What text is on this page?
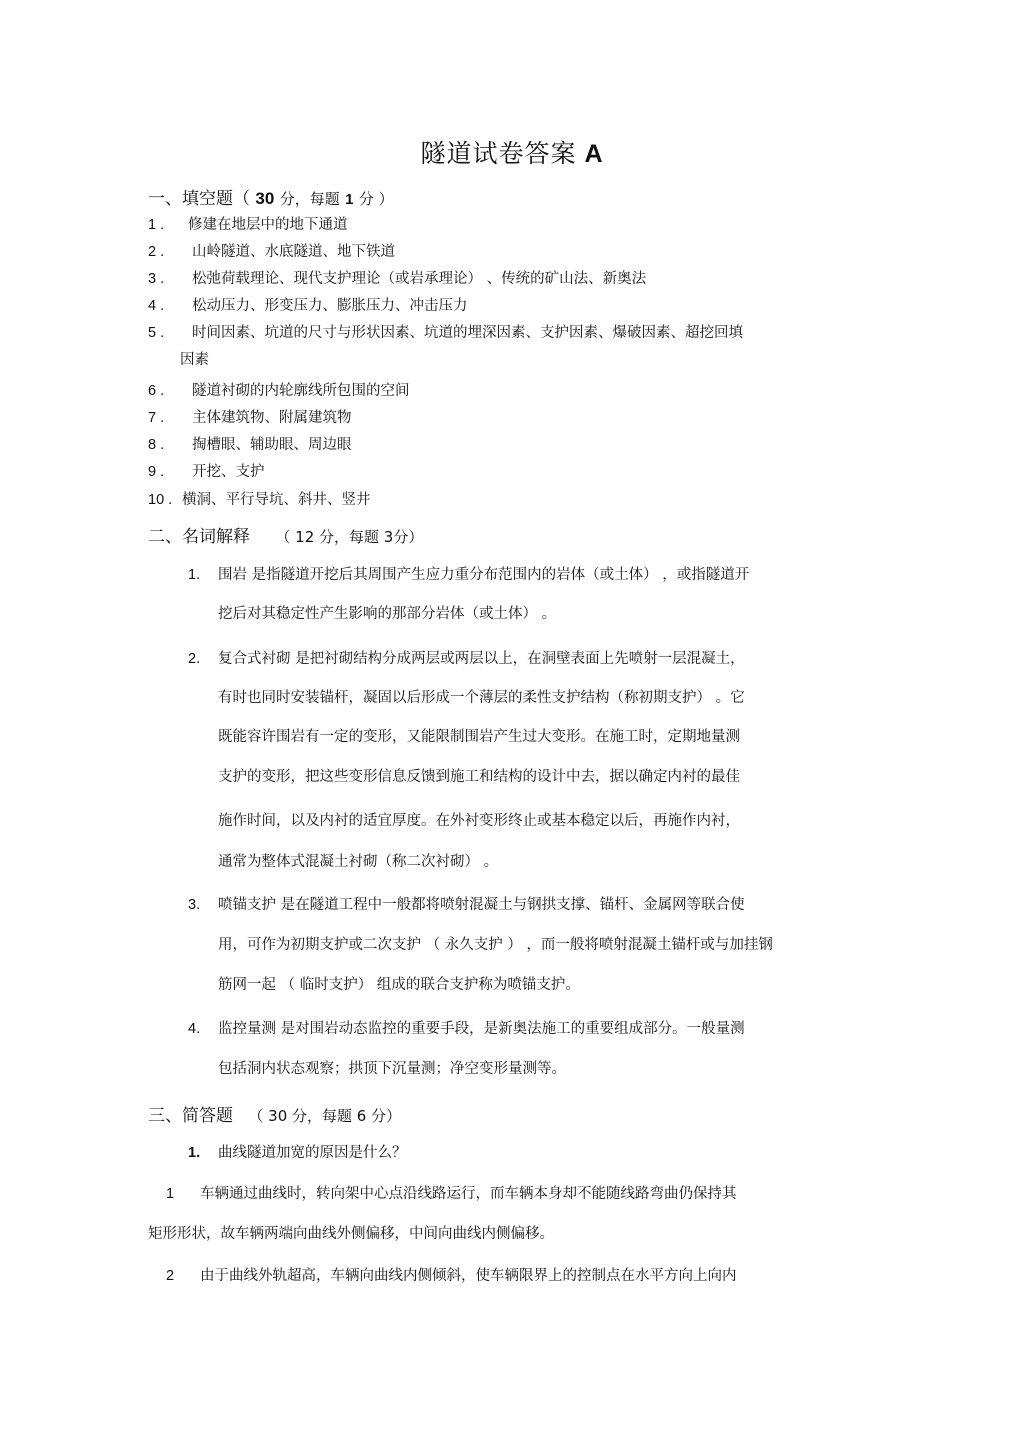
隧道试卷答案 A
一、填空题（ 30 分，每题 1 分 ）
1 . 修建在地层中的地下通道
2 . 山岭隧道、水底隧道、地下铁道
3 . 松弛荷载理论、现代支护理论（或岩承理论） 、传统的矿山法、新奥法
4 . 松动压力、形变压力、膨胀压力、冲击压力
5 . 时间因素、坑道的尺寸与形状因素、坑道的埋深因素、支护因素、爆破因素、超挖回填
因素
6 . 隧道衬砌的内轮廓线所包围的空间
7 . 主体建筑物、附属建筑物
8 . 掏槽眼、辅助眼、周边眼
9 . 开挖、支护
10 . 横洞、平行导坑、斜井、竖井
二、名词解释 （ 12 分，每题 3分）
1. 围岩 是指隧道开挖后其周围产生应力重分布范围内的岩体（或土体） ，或指隧道开
挖后对其稳定性产生影响的那部分岩体（或土体） 。
2. 复合式衬砌 是把衬砌结构分成两层或两层以上，在洞壁表面上先喷射一层混凝土，
有时也同时安装锚杆，凝固以后形成一个薄层的柔性支护结构（称初期支护） 。它
既能容许围岩有一定的变形，又能限制围岩产生过大变形。在施工时，定期地量测
支护的变形，把这些变形信息反馈到施工和结构的设计中去，据以确定内衬的最佳
施作时间，以及内衬的适宜厚度。在外衬变形终止或基本稳定以后，再施作内衬，
通常为整体式混凝土衬砌（称二次衬砌） 。
3. 喷锚支护 是在隧道工程中一般都将喷射混凝土与钢拱支撑、锚杆、金属网等联合使
用，可作为初期支护或二次支护 （ 永久支护 ） ，而一般将喷射混凝土锚杆或与加挂钢
筋网一起 （ 临时支护） 组成的联合支护称为喷锚支护。
4. 监控量测 是对围岩动态监控的重要手段，是新奥法施工的重要组成部分。一般量测
包括洞内状态观察；拱顶下沉量测；净空变形量测等。
三、简答题 （ 30 分，每题 6 分）
1. 曲线隧道加宽的原因是什么？
1 车辆通过曲线时，转向架中心点沿线路运行，而车辆本身却不能随线路弯曲仍保持其
矩形形状，故车辆两端向曲线外侧偏移，中间向曲线内侧偏移。
2 由于曲线外轨超高，车辆向曲线内侧倾斜，使车辆限界上的控制点在水平方向上向内
